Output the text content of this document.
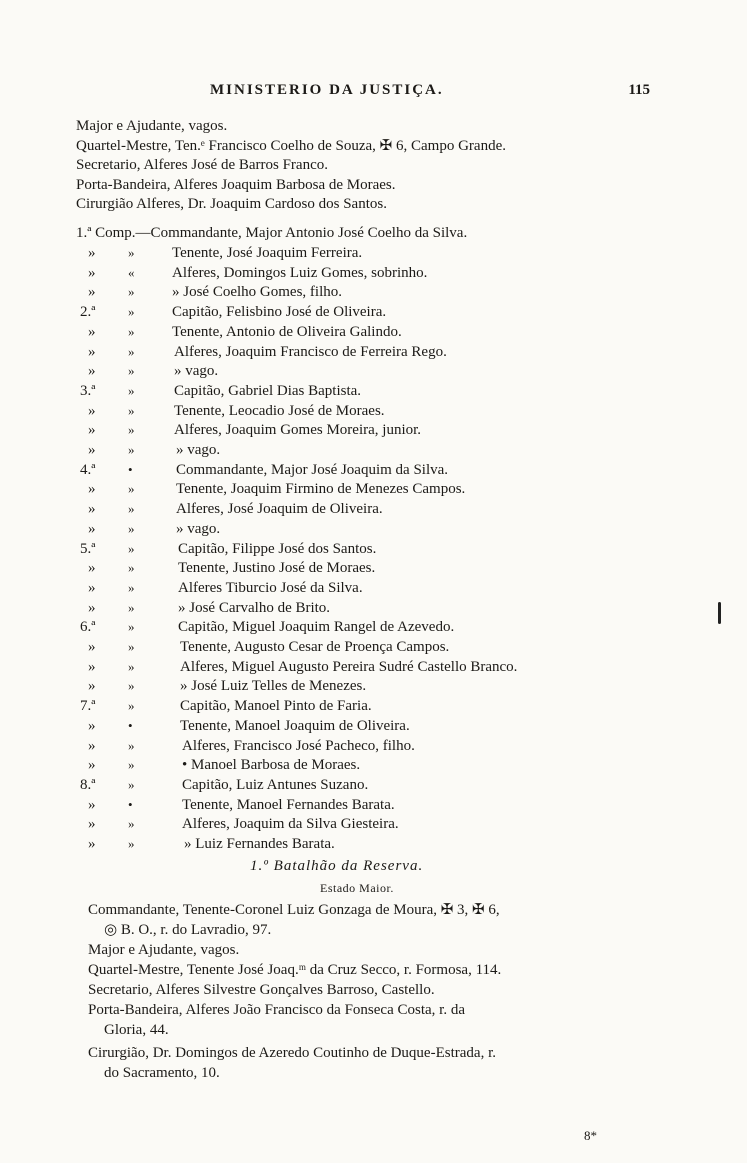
MINISTERIO DA JUSTIÇA.	115
Major e Ajudante, vagos.
Quartel-Mestre, Ten.ᵉ Francisco Coelho de Souza, ✠ 6, Campo Grande.
Secretario, Alferes José de Barros Franco.
Porta-Bandeira, Alferes Joaquim Barbosa de Moraes.
Cirurgião Alferes, Dr. Joaquim Cardoso dos Santos.
1.ª Comp.—Commandante, Major Antonio José Coelho da Silva.
»	»	Tenente, José Joaquim Ferreira.
»	«	Alferes, Domingos Luiz Gomes, sobrinho.
»	»	» José Coelho Gomes, filho.
2.ª	»	Capitão, Felisbino José de Oliveira.
»	»	Tenente, Antonio de Oliveira Galindo.
»	»	Alferes, Joaquim Francisco de Ferreira Rego.
»	»	» vago.
3.ª	»	Capitão, Gabriel Dias Baptista.
»	»	Tenente, Leocadio José de Moraes.
»	»	Alferes, Joaquim Gomes Moreira, junior.
»	»	» vago.
4.ª	•	Commandante, Major José Joaquim da Silva.
»	»	Tenente, Joaquim Firmino de Menezes Campos.
»	»	Alferes, José Joaquim de Oliveira.
»	»	» vago.
5.ª	»	Capitão, Filippe José dos Santos.
»	»	Tenente, Justino José de Moraes.
»	»	Alferes Tiburcio José da Silva.
»	»	» José Carvalho de Brito.
6.ª	»	Capitão, Miguel Joaquim Rangel de Azevedo.
»	»	Tenente, Augusto Cesar de Proença Campos.
»	»	Alferes, Miguel Augusto Pereira Sudré Castello Branco.
»	»	» José Luiz Telles de Menezes.
7.ª	»	Capitão, Manoel Pinto de Faria.
»	•	Tenente, Manoel Joaquim de Oliveira.
»	»	Alferes, Francisco José Pacheco, filho.
»	»	• Manoel Barbosa de Moraes.
8.ª	»	Capitão, Luiz Antunes Suzano.
»	•	Tenente, Manoel Fernandes Barata.
»	»	Alferes, Joaquim da Silva Giesteira.
»	»	» Luiz Fernandes Barata.
1.º Batalhão da Reserva.
Estado Maior.
Commandante, Tenente-Coronel Luiz Gonzaga de Moura, ✠ 3, ✠ 6,
◎ B. O., r. do Lavradio, 97.
Major e Ajudante, vagos.
Quartel-Mestre, Tenente José Joaq.ᵐ da Cruz Secco, r. Formosa, 114.
Secretario, Alferes Silvestre Gonçalves Barroso, Castello.
Porta-Bandeira, Alferes João Francisco da Fonseca Costa, r. da
Gloria, 44.
Cirurgião, Dr. Domingos de Azeredo Coutinho de Duque-Estrada, r.
do Sacramento, 10.
8*
